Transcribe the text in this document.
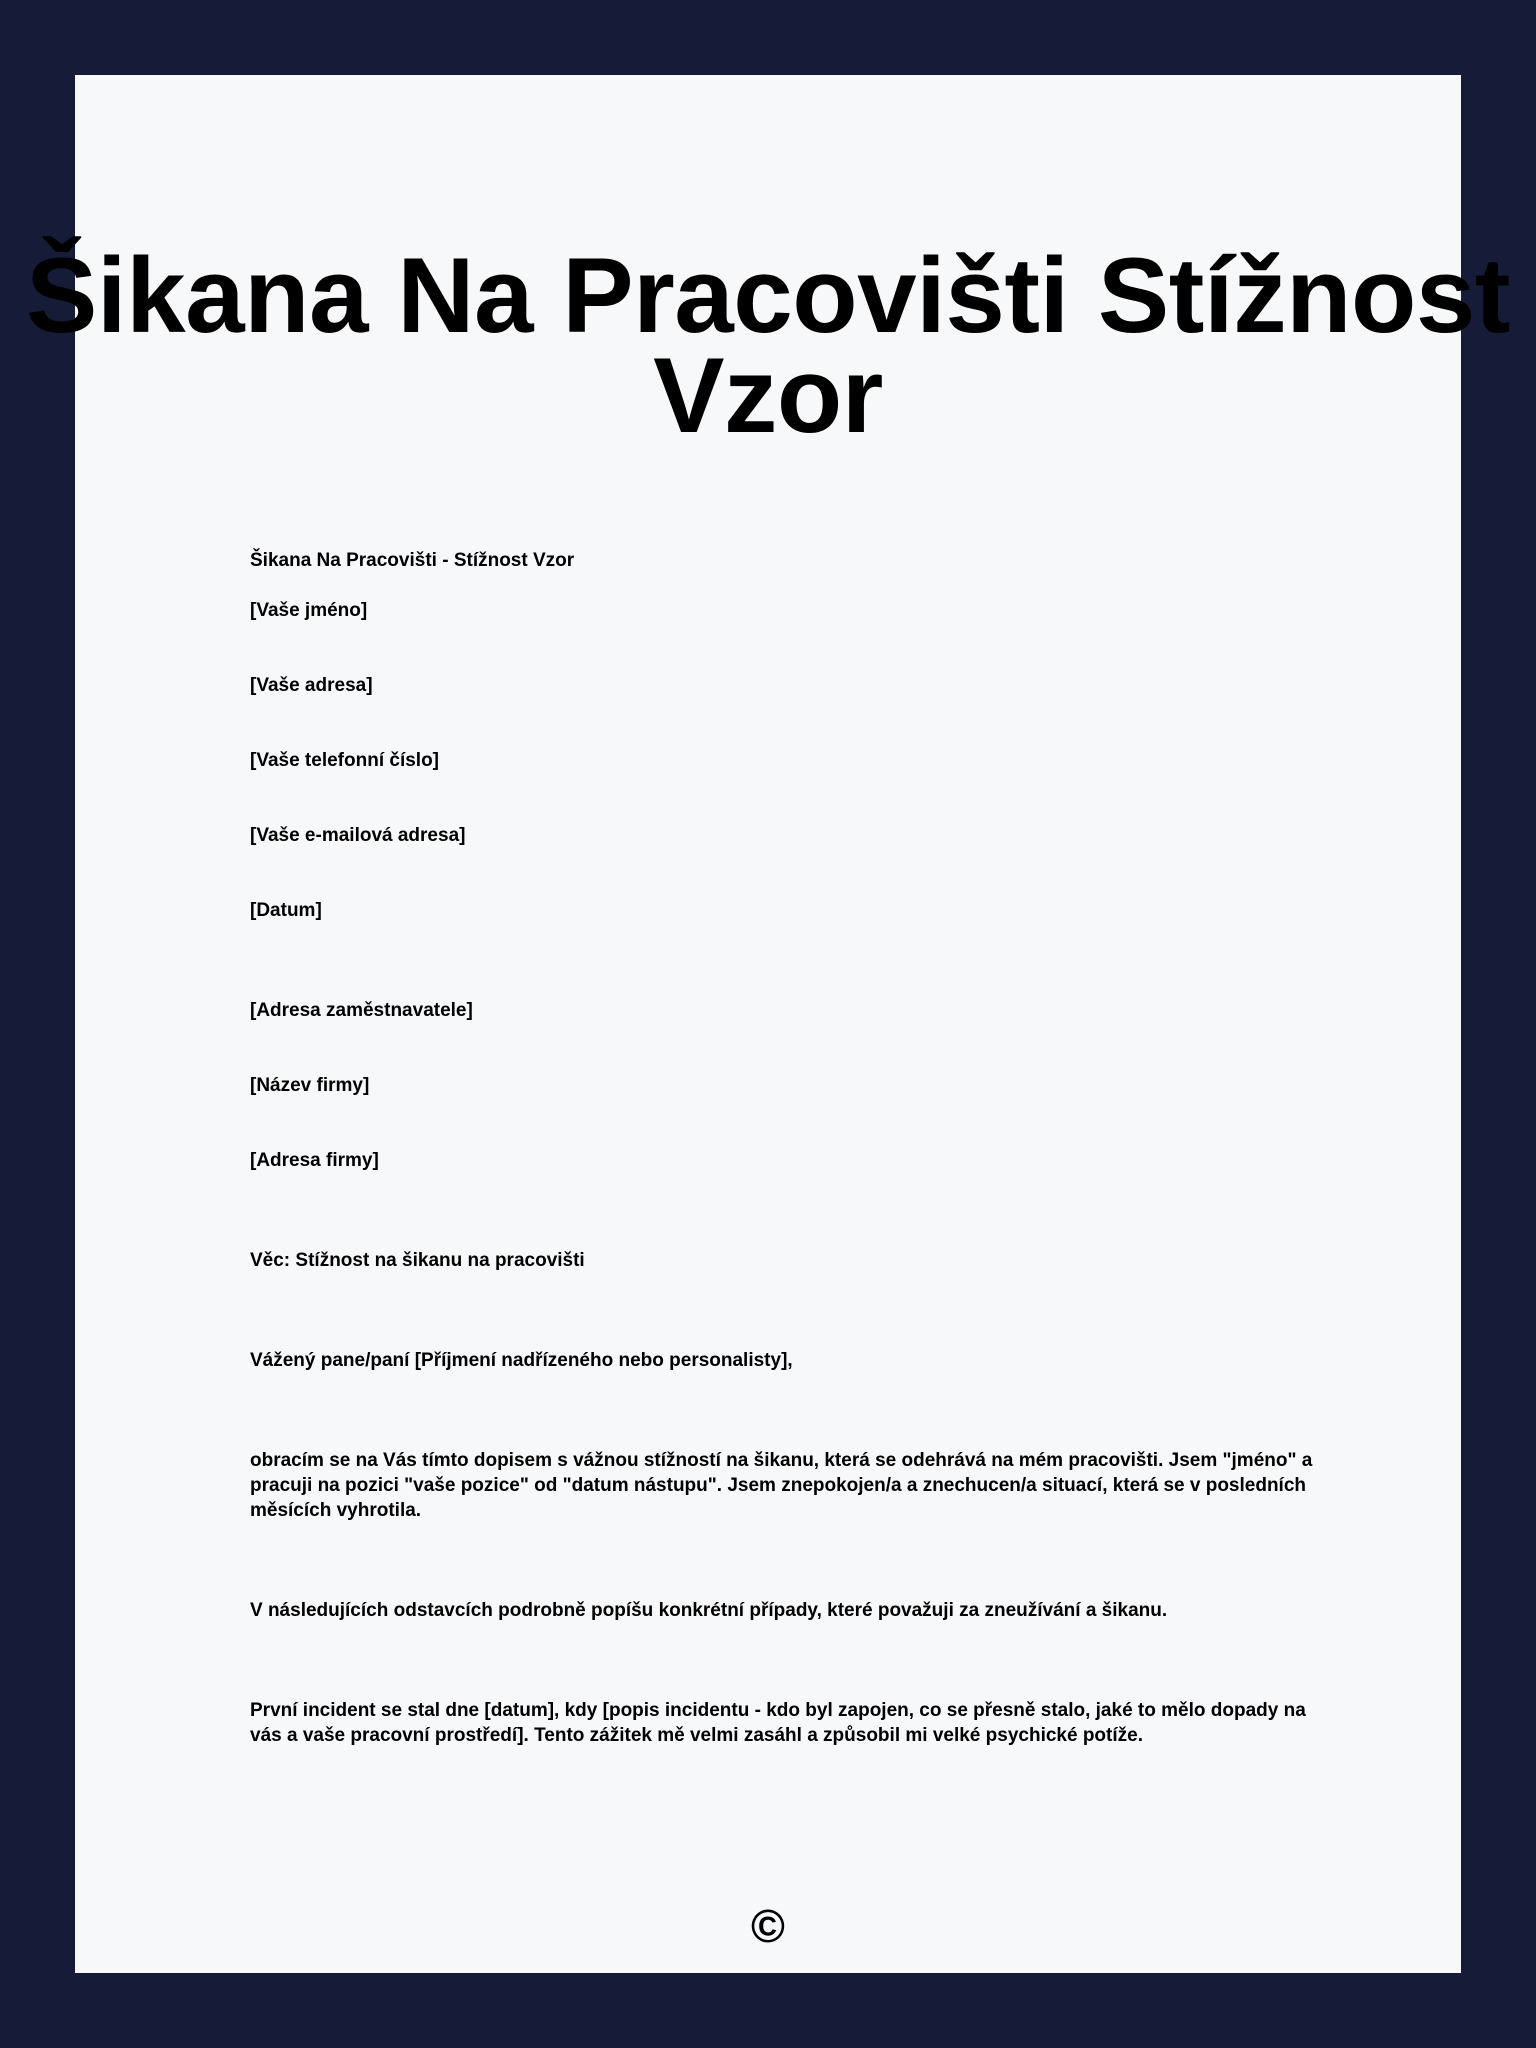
Šikana Na Pracovišti Stížnost Vzor

Šikana Na Pracovišti - Stížnost Vzor

[Vaše jméno]

[Vaše adresa]

[Vaše telefonní číslo]

[Vaše e-mailová adresa]

[Datum]

[Adresa zaměstnavatele]

[Název firmy]

[Adresa firmy]

Věc: Stížnost na šikanu na pracovišti

Vážený pane/paní [Příjmení nadřízeného nebo personalisty],

obracím se na Vás tímto dopisem s vážnou stížností na šikanu, která se odehrává na mém pracovišti. Jsem "jméno" a pracuji na pozici "vaše pozice" od "datum nástupu". Jsem znepokojen/a a znechucen/a situací, která se v posledních měsících vyhrotila.

V následujících odstavcích podrobně popíšu konkrétní případy, které považuji za zneužívání a šikanu.

První incident se stal dne [datum], kdy [popis incidentu - kdo byl zapojen, co se přesně stalo, jaké to mělo dopady na vás a vaše pracovní prostředí]. Tento zážitek mě velmi zasáhl a způsobil mi velké psychické potíže.

©
